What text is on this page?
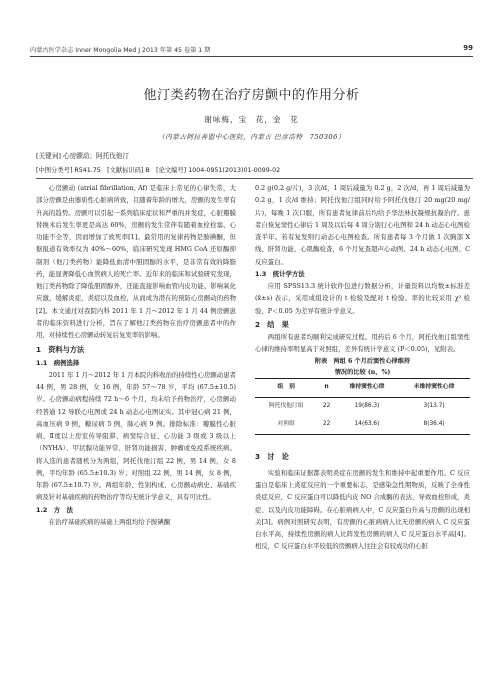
内蒙古医学杂志 Inner Mongolia Med J 2013 年第 45 卷第 1 期	99
他汀类药物在治疗房颤中的作用分析
谢咏梅，宝　花，金　花
（内蒙古阿拉善盟中心医院，内蒙古 巴彦浩特　750306）
[关键词] 心房颤动；阿托伐他汀
[中图分类号] R541.75　[文献标识码] B　[论文编号] 1004-0951(2013)01-0099-02

心房颤动 (atrial fibrillation, Af) 是临床上常见的心律失常，大部分房颤是由器质性心脏病所致，且随着年龄的增大，房颤的发生率有升高的趋势。房颤可以引起一系列临床症状和严重的并发症，心脏瓣膜替换术后发生率更是高达 60%，房颤的发生常伴有随着血栓栓塞、心功能不全等，因而增加了致死率[1]。最常用的复律药物是胺碘酮，但据报道有效率仅为 40%～60%，临床研究发现 HMG CoA 还原酶抑制剂（他汀类药物）能降低血清中胆固醇的水平，是非常有效的降脂药，能显著降低心血管病人的死亡率。近年来的临床和试验研究发现，他汀类药物除了降低胆固醇外，还能直接影响血管内皮功能、影响氧化应激、缓解炎症，炎症以及血栓，从而成为潜在的预防心房颤动的药物[2]。本文通过对我院内科 2011 年 1 月～2012 年 1 月 44 例房颤患者的临床资料进行分析，旨在了解他汀类药物在治疗房颤患者中的作用，对持续性心房颤动转复后复发率的影响。

1　资料与方法
1.1　病例选择

2011 年 1 月～2012 年 1 月本院内科收治的持续性心房颤动患者 44 例，男 28 例，女 16 例，年龄 57～78 岁，平均 (67.5±10.5) 岁。心房颤动病程持续 72 h～6 个月，均未给予药物治疗，心房颤动经普通 12 导联心电图或 24 h 动态心电图证实。其中冠心病 21 例，高血压病 9 例，糖尿病 5 例，肺心病 9 例。排除标准：瓣膜性心脏病、Ⅱ度以上房室传导阻滞、病窦综合征、心功能 3 级或 3 级以上（NYHA）、甲状腺功能异常、肝肾功能损害、肿瘤或免疫系统疾病。将入选的患者随机分为两组，阿托伐他汀组 22 例，男 14 例，女 8 例，平均年龄 (65.5±10.3) 岁；对照组 22 例，男 14 例，女 8 例，年龄 (67.5±10.7) 岁。两组年龄、性别构成、心房颤动病史、基础疾病及针对基础疾病的药物治疗等均无统计学意义，具有可比性。

1.2　方　法

在治疗基础疾病的基础上两组均给予胺碘酮

0.2 g(0.2 g/片)，3 次/d，1 周后减量为 0.2 g，2 次/d，再 1 周后减量为 0.2 g，1 次/d 维持；阿托伐他汀组同时给予阿托伐他汀 20 mg(20 mg/片)，每晚 1 次口服，所有患者复律前后均给予华法林抗凝规抗凝治疗。患者自恢复窦性心律后 1 周及以后每 4 周分别行心电图和 24 h 动态心电图检查半年。若有复发则行动态心电图检查。所有患者每 3 个月做 1 次胸部 X 线、肝肾功能、心肌酶检查，6 个月复查超声心动图、24 h 动态心电图、C 反应蛋白。

1.3　统计学方法

应用 SPSS13.3 统计软件包进行数据分析，计量资料以均数±标准差 (x̄±s) 表示，采用成组设计的 t 检验及配对 t 检验，率的比较采用 χ² 检验，P＜0.05 为差异有统计学意义。

2　结　果

两组所有患者均顺利完成研究过程。用药后 6 个月，阿托伐他汀组窦性心律的维持率明显高于对照组，差异有统计学意义 (P＜0.05)，见附表。

附表　两组 6 个月后窦性心律维持
情况的比较 (n，%)
组　别	n	维持窦性心律	未维持窦性心律
阿托伐他汀组	22	19(86.3)	3(13.7)
对照组	22	14(63.6)	8(36.4)
3　讨　论

实验和临床证据都表明炎症在房颤的发生和维持中起重要作用。C 反应蛋白是临床上炎症反应的一个重要标志，是感染急性期物质，反映了全身性炎症反应，C 反应蛋白可以降低内皮 NO 合成酶的表达，导致血栓形成，炎症、以及内皮功能障碍。在心脏病病人中，C 反应蛋白升高与房颤的出现相关[3]。病例对照研究表明，有房颤的心脏病病人比无房颤的病人 C 反应蛋白水平高，持续性房颤的病人比阵发性房颤的病人 C 反应蛋白水平高[4]。相反，C 反应蛋白水平较低的房颤病人往往会有较成功的心脏
